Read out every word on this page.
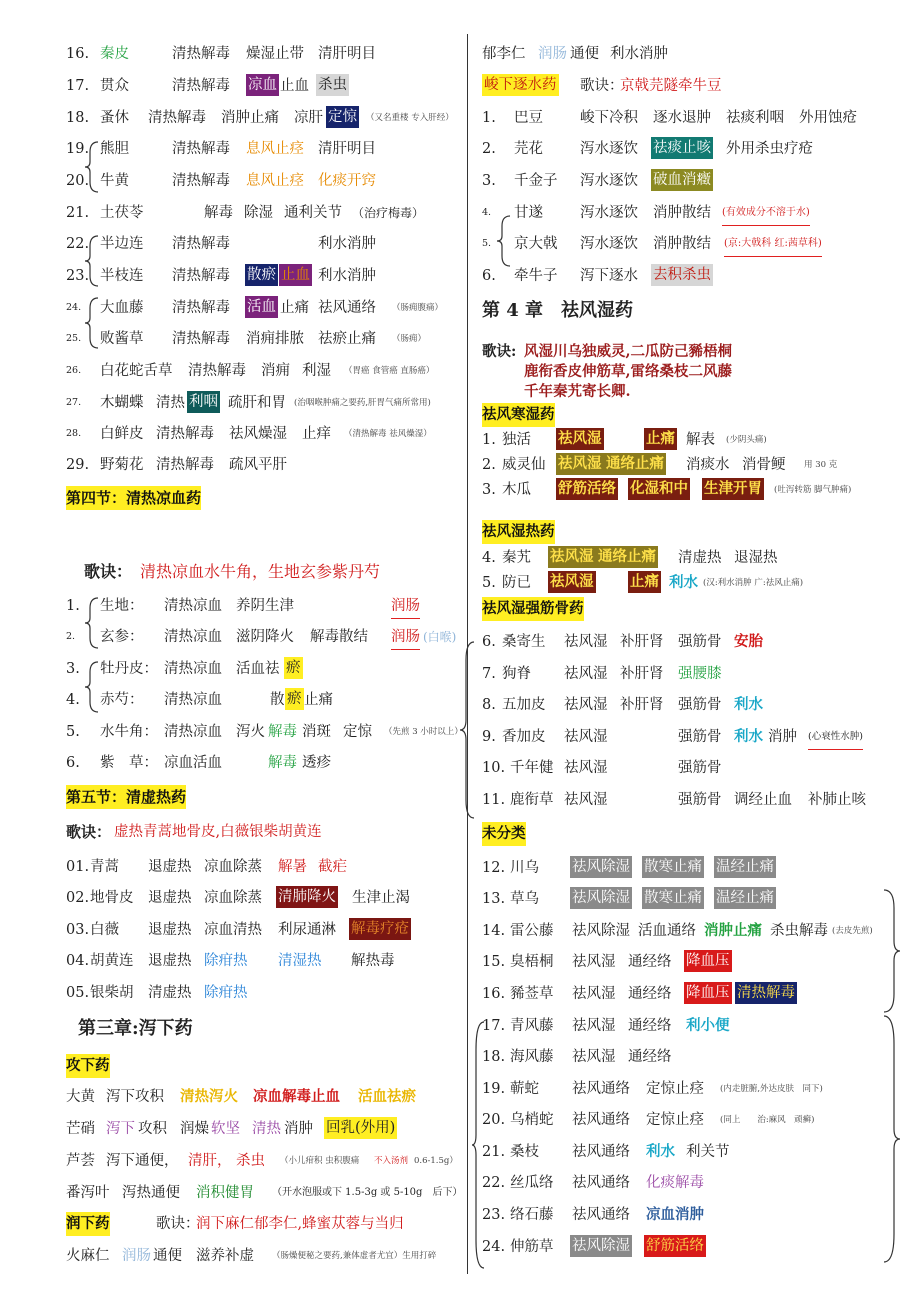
16. 秦皮	清热解毒 燥湿止带 清肝明目
17. 贯众	清热解毒 凉血 止血 杀虫
18. 蚤休 清热解毒 消肿止痛 凉肝 定惊 （又名重楼 专入肝经）
19. 熊胆	清热解毒 息风止痉 清肝明目
20. 牛黄	清热解毒 息风止痉 化痰开窍
21. 土茯苓	解毒 除湿 通利关节 （治疗梅毒）
22. 半边连 清热解毒	利水消肿
23. 半枝连 清热解毒 散瘀 止血 利水消肿
24. 大血藤 清热解毒 活血 止痛 祛风通络 （肠痈腹痛）
25. 败酱草 清热解毒 消痈排脓 祛瘀止痛 （肠痈）
26. 白花蛇舌草 清热解毒 消痈 利湿 （胃癌 食管癌 直肠癌）
27. 木蝴蝶 清热 利咽 疏肝和胃 (治咽喉肿痛之要药,肝胃气痛所常用)
28. 白鲜皮 清热解毒 祛风燥湿 止痒 （清热解毒 祛风燥湿）
29. 野菊花 清热解毒 疏风平肝
第四节：清热凉血药
歌诀： 清热凉血水牛角，生地玄参紫丹芍
1. 生地： 清热凉血 养阴生津	润肠
2. 玄参： 清热凉血 滋阴降火 解毒散结 润肠 (白喉)
3. 牡丹皮： 清热凉血 活血祛 瘀
4. 赤芍： 清热凉血	散 瘀 止痛
5. 水牛角： 清热凉血 泻火 解毒 消斑 定惊 （先煎 3 小时以上）
6. 紫　草： 凉血活血	解毒 透疹
第五节：清虚热药
歌诀： 虚热青蒿地骨皮,白薇银柴胡黄连
01. 青蒿 退虚热 凉血除蒸 解暑 截疟
02. 地骨皮 退虚热 凉血除蒸 清肺降火 生津止渴
03. 白薇 退虚热 凉血清热 利尿通淋 解毒疗疮
04. 胡黄连 退虚热 除疳热 清湿热 解热毒
05. 银柴胡 清虚热 除疳热
第三章:泻下药
攻下药
大黄 泻下攻积 清热泻火 凉血解毒止血 活血祛瘀
芒硝 泻下 攻积 润燥 软坚 清热 消肿 回乳(外用)
芦荟 泻下通便， 清肝， 杀虫 （小儿疳积 虫积腹痛 不入汤剂 0.6-1.5g）
番泻叶 泻热通便 消积健胃 （开水泡服或下 1.5-3g 或 5-10g　后下）
润下药	歌诀：
润下麻仁郁李仁,蜂蜜苁蓉与当归
火麻仁 润肠 通便 滋养补虚 （肠燥便秘之要药,兼体虚者尤宜）生用打碎
郁李仁 润肠 通便 利水消肿
峻下逐水药 歌诀：
京戟芫隧牵牛豆
1. 巴豆	峻下冷积 逐水退肿 祛痰利咽 外用蚀疮
2. 芫花	泻水逐饮 祛痰止咳 外用杀虫疗疮
3. 千金子 泻水逐饮 破血消癥
4. 甘遂	泻水逐饮 消肿散结 (有效成分不溶于水)
5. 京大戟 泻水逐饮 消肿散结 (京:大戟科 红:茜草科)
6. 牵牛子 泻下逐水 去积杀虫
第 4 章　祛风湿药
歌诀: 风湿川乌独威灵,二瓜防己豨梧桐
鹿衔香皮伸筋草,雷络桑枝二风藤
千年秦艽寄长卿.
祛风寒湿药
1. 独活 祛风湿	止痛 解表 (少阴头痛)
2. 威灵仙 祛风湿 通络止痛 消痰水 消骨鲠 用 30 克
3. 木瓜 舒筋活络 化湿和中 生津开胃 (吐泻转筋 脚气肿痛)
祛风湿热药
4. 秦艽 祛风湿 通络止痛 清虚热 退湿热
5. 防已 祛风湿	止痛 利水 (汉:利水消肿 广:祛风止痛)
祛风湿强筋骨药
6. 桑寄生 祛风湿 补肝肾 强筋骨 安胎
7. 狗脊 祛风湿 补肝肾 强腰膝
8. 五加皮 祛风湿 补肝肾 强筋骨 利水
9. 香加皮 祛风湿	强筋骨 利水 消肿 (心衰性水肿)
10. 千年健 祛风湿	强筋骨
11. 鹿衔草 祛风湿	强筋骨 调经止血 补肺止咳
未分类
12. 川乌 祛风除湿 散寒止痛 温经止痛
13. 草乌 祛风除湿 散寒止痛 温经止痛
14. 雷公藤 祛风除湿 活血通络 消肿止痛 杀虫解毒 (去皮先煎)
15. 臭梧桐 祛风湿 通经络 降血压
16. 豨莶草 祛风湿 通经络 降血压 清热解毒
17. 青风藤 祛风湿 通经络 利小便
18. 海风藤 祛风湿 通经络
19. 蕲蛇 祛风通络 定惊止痉 (内走脏腑,外达皮肤　同下)
20. 乌梢蛇 祛风通络 定惊止痉 (同上　　治:麻风　顽癣)
21. 桑枝 祛风通络 利水 利关节
22. 丝瓜络 祛风通络 化痰解毒
23. 络石藤 祛风通络 凉血消肿
24. 伸筋草 祛风除湿 舒筋活络
